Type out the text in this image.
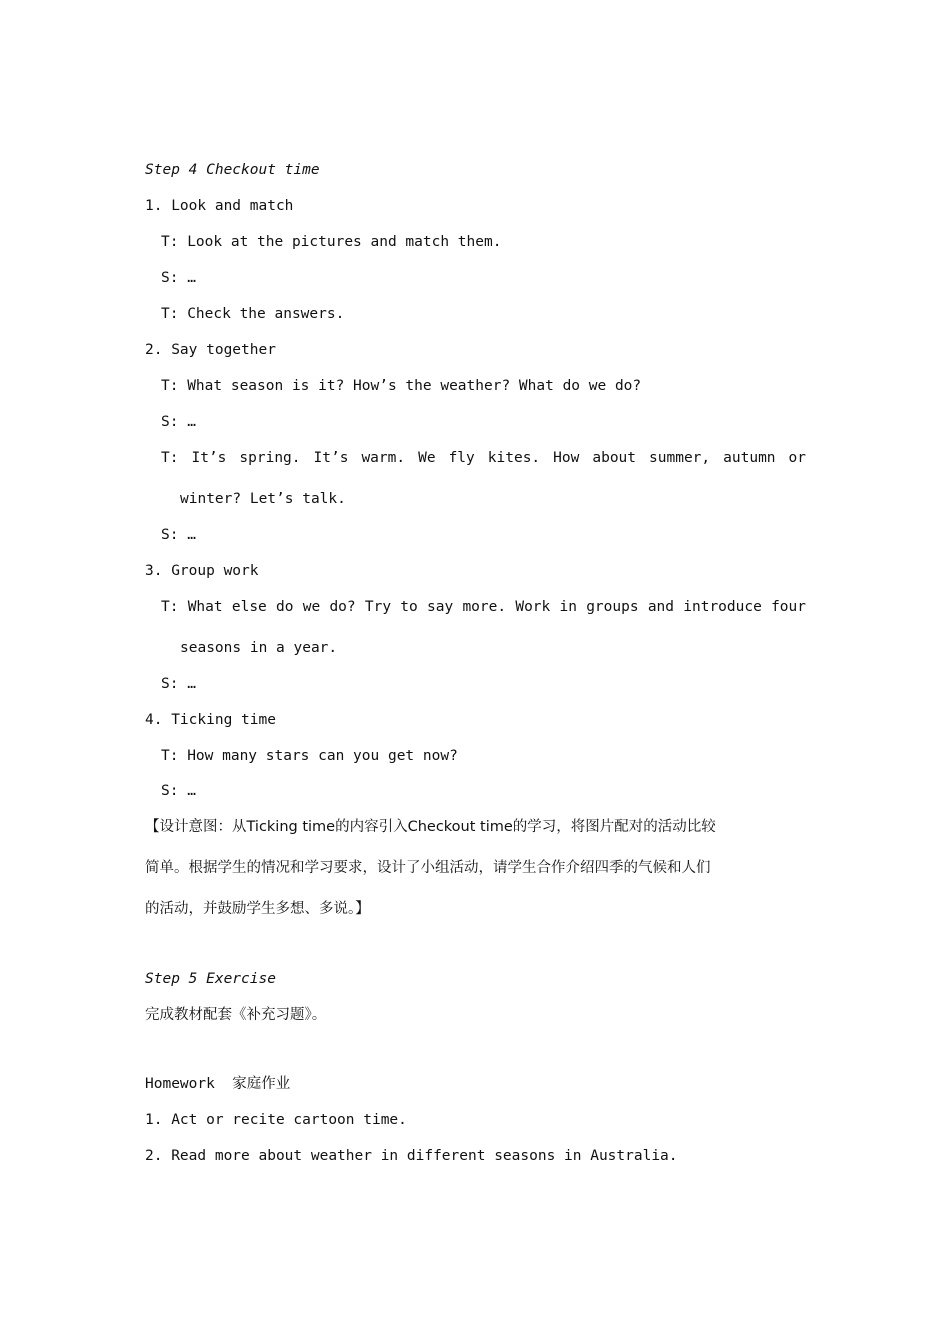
Step 4 Checkout time
1. Look and match
T: Look at the pictures and match them.
S: …
T: Check the answers.
2. Say together
T: What season is it? How’s the weather? What do we do?
S: …
T: It’s spring. It’s warm. We fly kites. How about summer, autumn or
winter? Let’s talk.
S: …
3. Group work
T: What else do we do? Try to say more. Work in groups and introduce four
seasons in a year.
S: …
4. Ticking time
T: How many stars can you get now?
S: …
【设计意图：从Ticking time的内容引入Checkout time的学习，将图片配对的活动比较
简单。根据学生的情况和学习要求，设计了小组活动，请学生合作介绍四季的气候和人们
的活动，并鼓励学生多想、多说。】
Step 5 Exercise
完成教材配套《补充习题》。
Homework  家庭作业
1. Act or recite cartoon time.
2. Read more about weather in different seasons in Australia.
